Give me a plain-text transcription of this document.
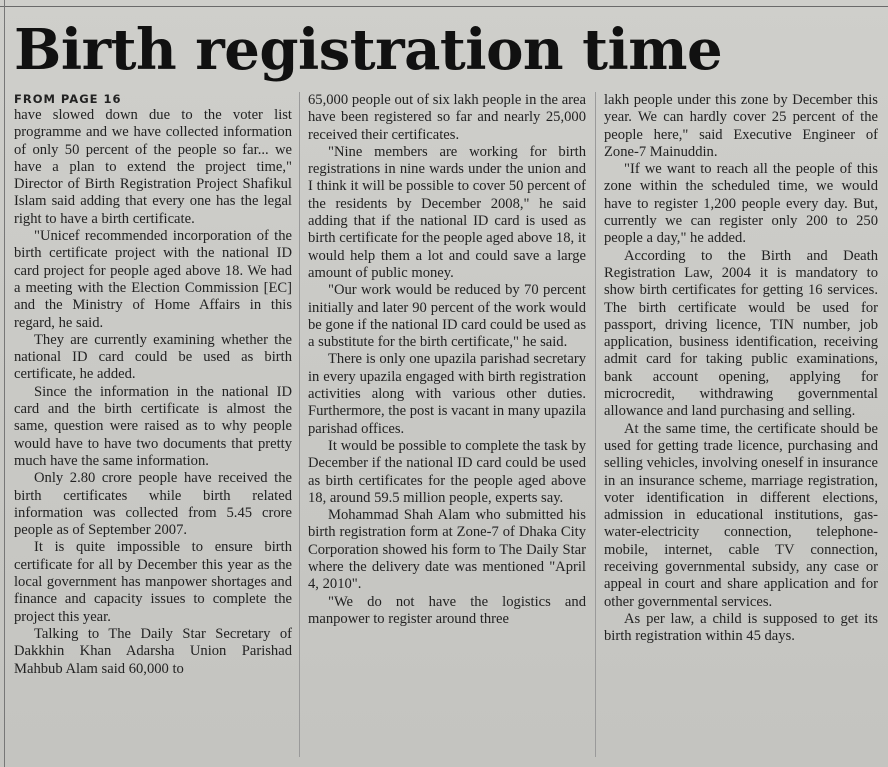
Birth registration time
FROM PAGE 16

have slowed down due to the voter list programme and we have collected information of only 50 percent of the people so far... we have a plan to extend the project time," Director of Birth Registration Project Shafikul Islam said adding that every one has the legal right to have a birth certificate.

"Unicef recommended incorporation of the birth certificate project with the national ID card project for people aged above 18. We had a meeting with the Election Commission [EC] and the Ministry of Home Affairs in this regard, he said.

They are currently examining whether the national ID card could be used as birth certificate, he added.

Since the information in the national ID card and the birth certificate is almost the same, question were raised as to why people would have to have two documents that pretty much have the same information.

Only 2.80 crore people have received the birth certificates while birth related information was collected from 5.45 crore people as of September 2007.

It is quite impossible to ensure birth certificate for all by December this year as the local government has manpower shortages and finance and capacity issues to complete the project this year.

Talking to The Daily Star Secretary of Dakkhin Khan Adarsha Union Parishad Mahbub Alam said 60,000 to

65,000 people out of six lakh people in the area have been registered so far and nearly 25,000 received their certificates.

"Nine members are working for birth registrations in nine wards under the union and I think it will be possible to cover 50 percent of the residents by December 2008," he said adding that if the national ID card is used as birth certificate for the people aged above 18, it would help them a lot and could save a large amount of public money.

"Our work would be reduced by 70 percent initially and later 90 percent of the work would be gone if the national ID card could be used as a substitute for the birth certificate," he said.

There is only one upazila parishad secretary in every upazila engaged with birth registration activities along with various other duties. Furthermore, the post is vacant in many upazila parishad offices.

It would be possible to complete the task by December if the national ID card could be used as birth certificates for the people aged above 18, around 59.5 million people, experts say.

Mohammad Shah Alam who submitted his birth registration form at Zone-7 of Dhaka City Corporation showed his form to The Daily Star where the delivery date was mentioned "April 4, 2010".

"We do not have the logistics and manpower to register around three

lakh people under this zone by December this year. We can hardly cover 25 percent of the people here," said Executive Engineer of Zone-7 Mainuddin.

"If we want to reach all the people of this zone within the scheduled time, we would have to register 1,200 people every day. But, currently we can register only 200 to 250 people a day," he added.

According to the Birth and Death Registration Law, 2004 it is mandatory to show birth certificates for getting 16 services. The birth certificate would be used for passport, driving licence, TIN number, job application, business identification, receiving admit card for taking public examinations, bank account opening, applying for microcredit, withdrawing governmental allowance and land purchasing and selling.

At the same time, the certificate should be used for getting trade licence, purchasing and selling vehicles, involving oneself in insurance in an insurance scheme, marriage registration, voter identification in different elections, admission in educational institutions, gas-water-electricity connection, telephone-mobile, internet, cable TV connection, receiving governmental subsidy, any case or appeal in court and share application and for other governmental services.

As per law, a child is supposed to get its birth registration within 45 days.
